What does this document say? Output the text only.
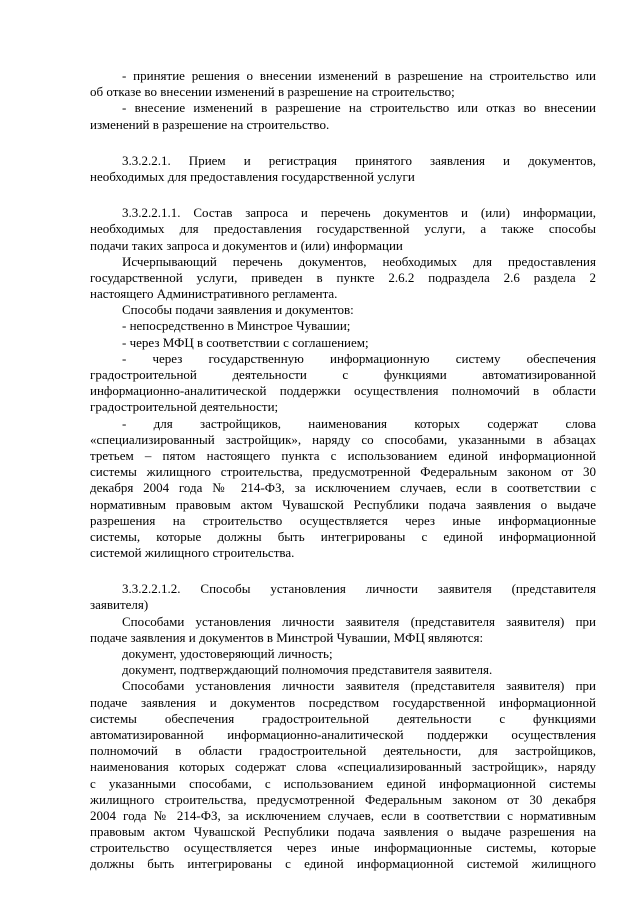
- принятие решения о внесении изменений в разрешение на строительство или
об отказе во внесении изменений в разрешение на строительство;
- внесение изменений в разрешение на строительство или отказ во внесении
изменений в разрешение на строительство.
3.3.2.2.1. Прием и регистрация принятого заявления и документов,
необходимых для предоставления государственной услуги
3.3.2.2.1.1. Состав запроса и перечень документов и (или) информации,
необходимых для предоставления государственной услуги, а также способы
подачи таких запроса и документов и (или) информации
Исчерпывающий перечень документов, необходимых для предоставления
государственной услуги, приведен в пункте 2.6.2 подраздела 2.6 раздела 2
настоящего Административного регламента.
Способы подачи заявления и документов:
- непосредственно в Минстрое Чувашии;
- через МФЦ в соответствии с соглашением;
- через государственную информационную систему обеспечения
градостроительной деятельности с функциями автоматизированной
информационно-аналитической поддержки осуществления полномочий в области
градостроительной деятельности;
- для застройщиков, наименования которых содержат слова
«специализированный застройщик», наряду со способами, указанными в абзацах
третьем – пятом настоящего пункта с использованием единой информационной
системы жилищного строительства, предусмотренной Федеральным законом от 30
декабря 2004 года № 214-ФЗ, за исключением случаев, если в соответствии с
нормативным правовым актом Чувашской Республики подача заявления о выдаче
разрешения на строительство осуществляется через иные информационные
системы, которые должны быть интегрированы с единой информационной
системой жилищного строительства.
3.3.2.2.1.2. Способы установления личности заявителя (представителя
заявителя)
Способами установления личности заявителя (представителя заявителя) при
подаче заявления и документов в Минстрой Чувашии, МФЦ являются:
документ, удостоверяющий личность;
документ, подтверждающий полномочия представителя заявителя.
Способами установления личности заявителя (представителя заявителя) при
подаче заявления и документов посредством государственной информационной
системы обеспечения градостроительной деятельности с функциями
автоматизированной информационно-аналитической поддержки осуществления
полномочий в области градостроительной деятельности, для застройщиков,
наименования которых содержат слова «специализированный застройщик», наряду
с указанными способами, с использованием единой информационной системы
жилищного строительства, предусмотренной Федеральным законом от 30 декабря
2004 года № 214-ФЗ, за исключением случаев, если в соответствии с нормативным
правовым актом Чувашской Республики подача заявления о выдаче разрешения на
строительство осуществляется через иные информационные системы, которые
должны быть интегрированы с единой информационной системой жилищного
